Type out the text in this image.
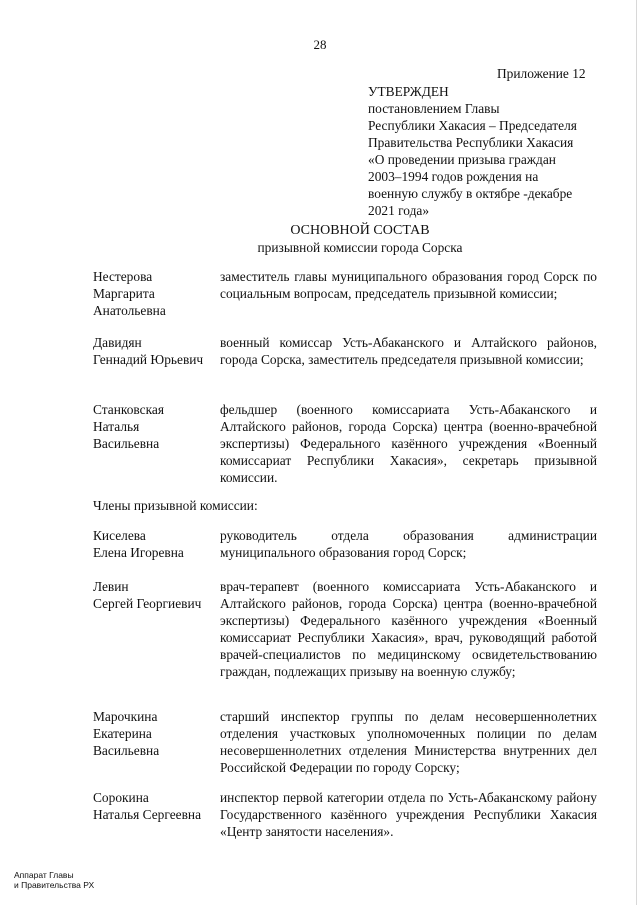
28
Приложение 12
УТВЕРЖДЕН
постановлением Главы
Республики Хакасия – Председателя
Правительства Республики Хакасия
«О проведении призыва граждан
2003–1994 годов рождения на
военную службу в октябре -декабре
2021 года»
ОСНОВНОЙ СОСТАВ
призывной комиссии города Сорска
Нестерова
Маргарита
Анатольевна
заместитель главы муниципального образования город Сорск по социальным вопросам, председатель призывной комиссии;
Давидян
Геннадий Юрьевич
военный комиссар Усть-Абаканского и Алтайского районов, города Сорска, заместитель председателя призывной комиссии;
Станковская
Наталья
Васильевна
фельдшер (военного комиссариата Усть-Абаканского и Алтайского районов, города Сорска) центра (военно-врачебной экспертизы) Федерального казённого учреждения «Военный комиссариат Республики Хакасия», секретарь призывной комиссии.
Члены призывной комиссии:
Киселева
Елена Игоревна
руководитель отдела образования администрации муниципального образования город Сорск;
Левин
Сергей Георгиевич
врач-терапевт (военного комиссариата Усть-Абаканского и Алтайского районов, города Сорска) центра (военно-врачебной экспертизы) Федерального казённого учреждения «Военный комиссариат Республики Хакасия», врач, руководящий работой врачей-специалистов по медицинскому освидетельствованию граждан, подлежащих призыву на военную службу;
Марочкина
Екатерина
Васильевна
старший инспектор группы по делам несовершеннолетних отделения участковых уполномоченных полиции по делам несовершеннолетних отделения Министерства внутренних дел Российской Федерации по городу Сорску;
Сорокина
Наталья Сергеевна
инспектор первой категории отдела по Усть-Абаканскому району Государственного казённого учреждения Республики Хакасия «Центр занятости населения».
Аппарат Главы
и Правительства РХ
